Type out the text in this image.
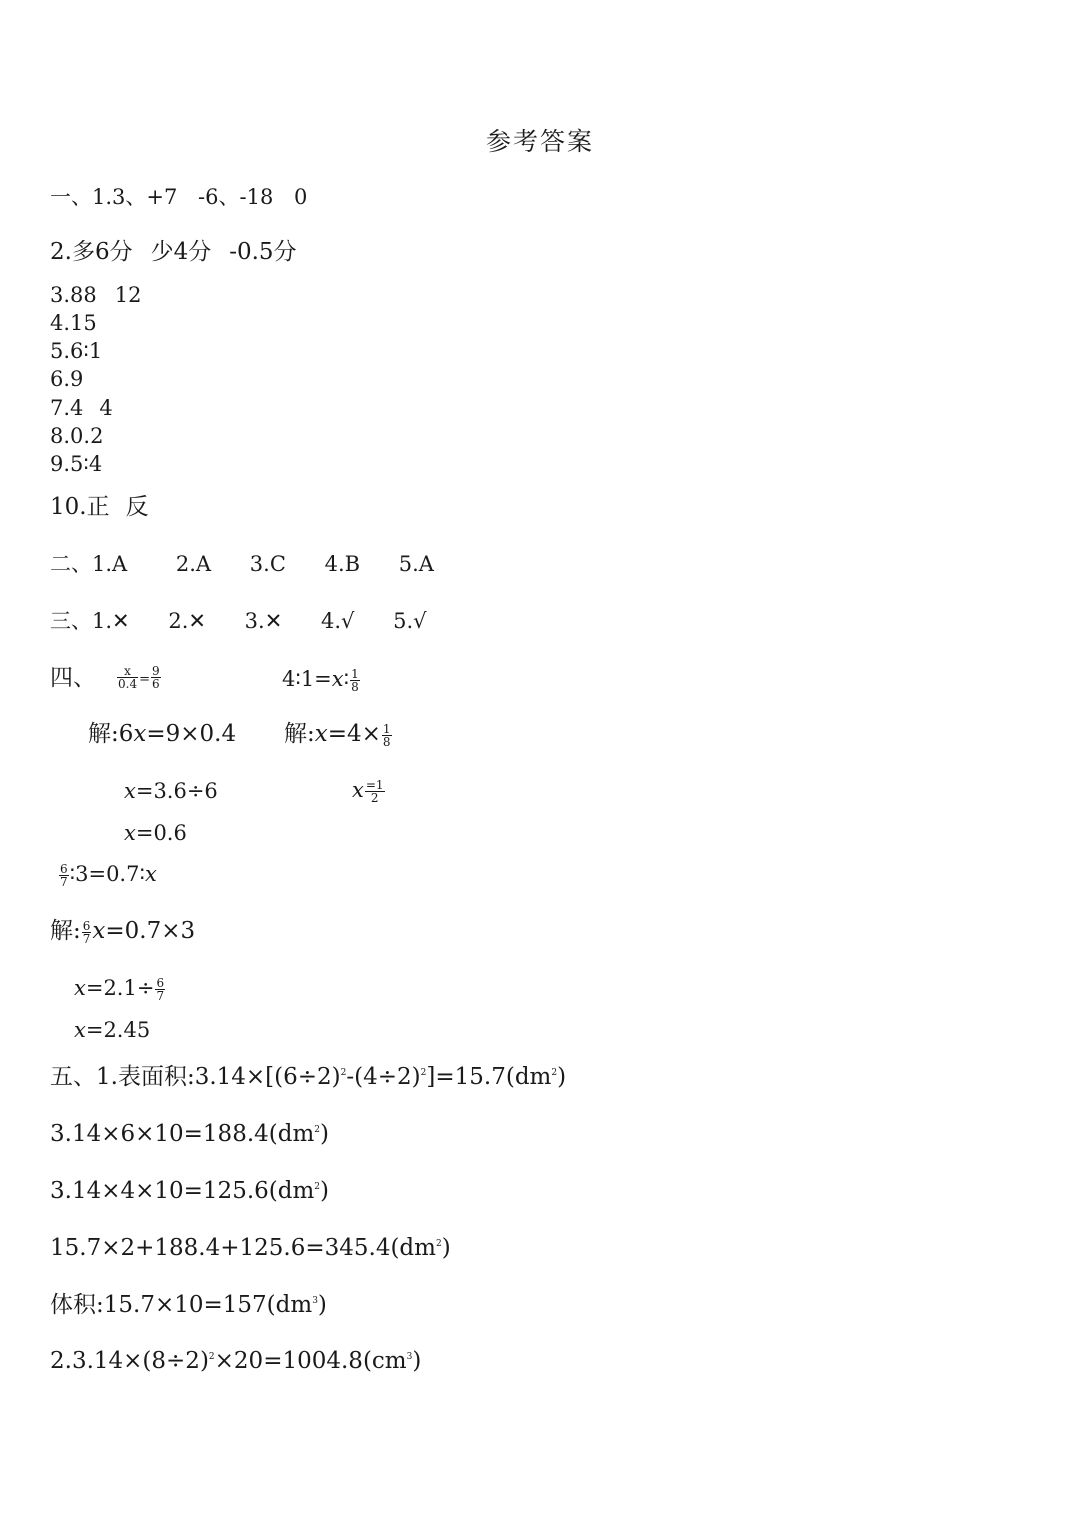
参考答案
一、1.3、+7 -6、-18 0
2.多6分 少4分 -0.5分
3.88 12
4.15
5.6∶1
6.9
7.4 4
8.0.2
9.5∶4
10.正 反
二、1.A 2.A 3.C 4.B 5.A
三、1.✕ 2.✕ 3.✕ 4.√ 5.√
四、 $\frac{x}{0.4} = \frac{9}{6}$	4∶1=x∶ $\frac{1}{8}$
解:6x=9×0.4 解:x=4× $\frac{1}{8}$
x=3.6÷6	x $\frac{=1}{2}$
x=0.6
$\frac{6}{7}$ ∶3=0.7∶x
解: $\frac{6}{7} x=0.7\times 3$
$x=2.1\div \frac{6}{7}$
x=2.45
五、1.表面积$:3.14\times[(6\div 2)^2-(4\div 2)^2]=15.7(dm^2)$
$3.14\times 6\times 10=188.4(dm^2)$
$3.14\times 4\times 10=125.6(dm^2)$
$15.7\times 2+188.4+125.6=345.4(dm^2)$
体积$:15.7\times 10=157(dm^3)$
$2.3.14\times(8\div 2)^2\times 20=1004.8(cm^3)$
